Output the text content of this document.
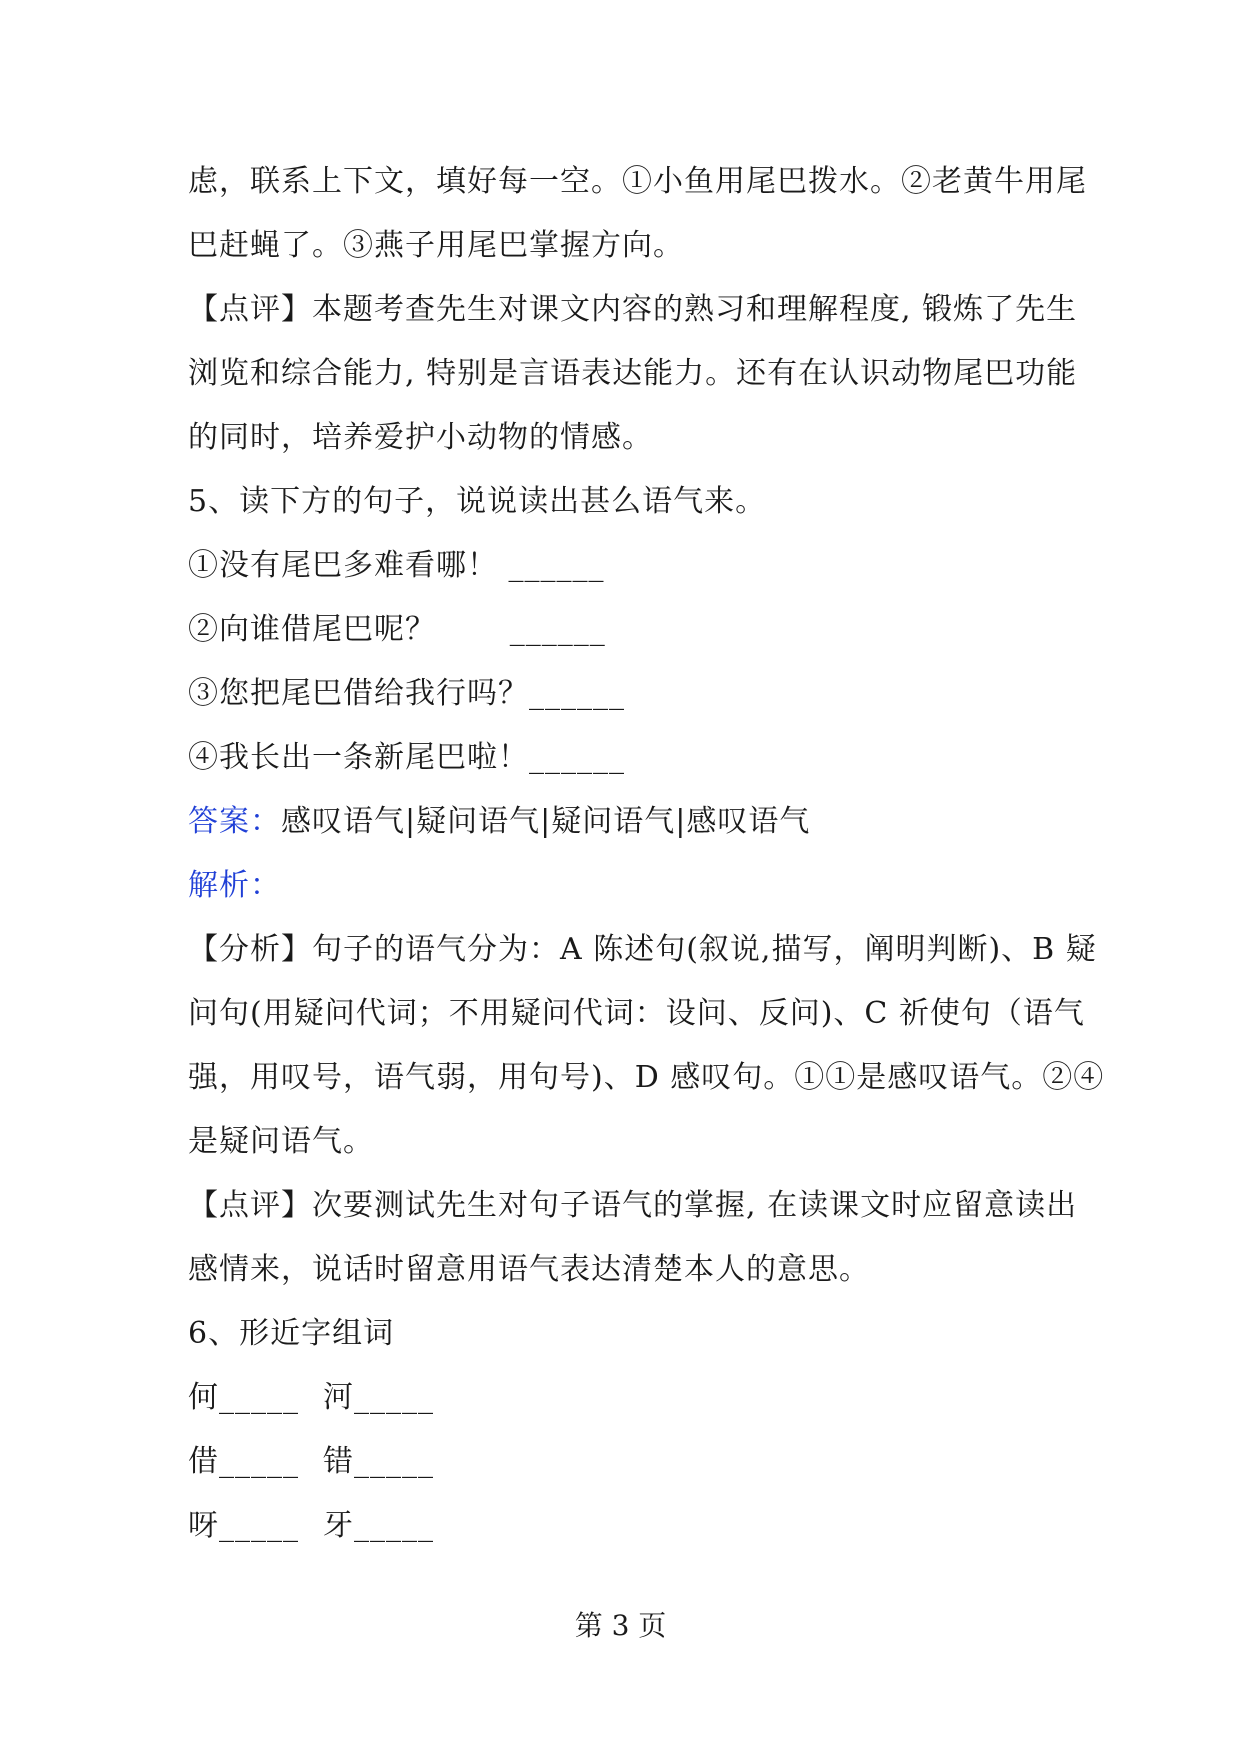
虑，联系上下文，填好每一空。①小鱼用尾巴拨水。②老黄牛用尾
巴赶蝇了。③燕子用尾巴掌握方向。
【点评】本题考查先生对课文内容的熟习和理解程度, 锻炼了先生
浏览和综合能力, 特别是言语表达能力。还有在认识动物尾巴功能
的同时，培养爱护小动物的情感。
5、读下方的句子，说说读出甚么语气来。
①没有尾巴多难看哪！ ______
②向谁借尾巴呢？       ______
③您把尾巴借给我行吗？______
④我长出一条新尾巴啦！______
答案：感叹语气|疑问语气|疑问语气|感叹语气
解析：
【分析】句子的语气分为：A 陈述句(叙说,描写，阐明判断)、B 疑
问句(用疑问代词；不用疑问代词：设问、反问)、C 祈使句（语气
强，用叹号，语气弱，用句号)、D 感叹句。①①是感叹语气。②④
是疑问语气。
【点评】次要测试先生对句子语气的掌握, 在读课文时应留意读出
感情来，说话时留意用语气表达清楚本人的意思。
6、形近字组词
何_____ 河_____
借_____ 错_____
呀_____ 牙_____
第 3 页
